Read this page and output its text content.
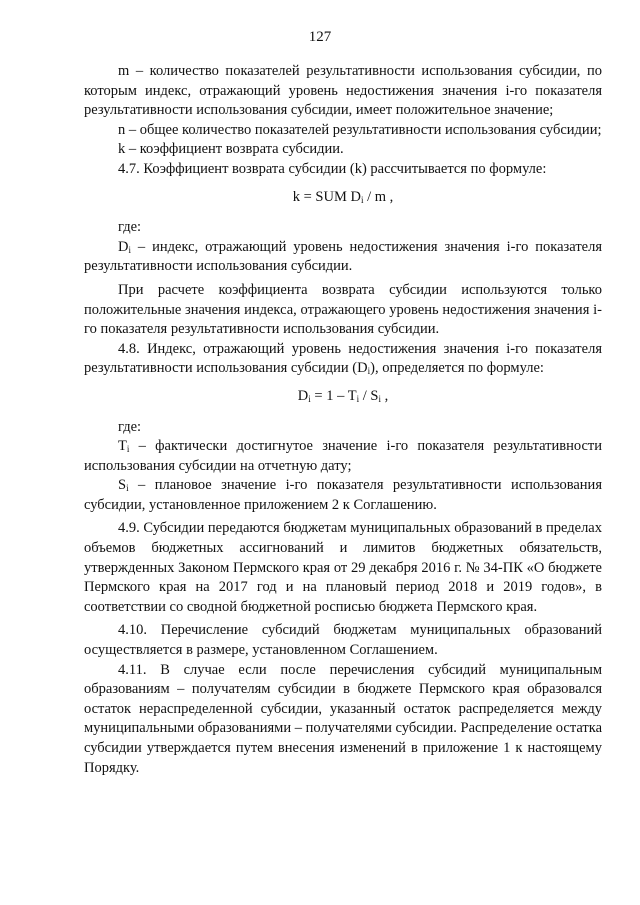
127

m – количество показателей результативности использования субсидии, по которым индекс, отражающий уровень недостижения значения i-го показателя результативности использования субсидии, имеет положительное значение;

n – общее количество показателей результативности использования субсидии;

k – коэффициент возврата субсидии.

4.7. Коэффициент возврата субсидии (k) рассчитывается по формуле:

k = SUM $D_i$ / m ,

где:

$D_i$ – индекс, отражающий уровень недостижения значения i-го показателя результативности использования субсидии.

При расчете коэффициента возврата субсидии используются только положительные значения индекса, отражающего уровень недостижения значения i-го показателя результативности использования субсидии.

4.8. Индекс, отражающий уровень недостижения значения i-го показателя результативности использования субсидии $(D_i)$, определяется по формуле:

$D_i = 1 - T_i / S_i$ ,

где:

$T_i$ – фактически достигнутое значение i-го показателя результативности использования субсидии на отчетную дату;

$S_i$ – плановое значение i-го показателя результативности использования субсидии, установленное приложением 2 к Соглашению.

4.9. Субсидии передаются бюджетам муниципальных образований в пределах объемов бюджетных ассигнований и лимитов бюджетных обязательств, утвержденных Законом Пермского края от 29 декабря 2016 г. № 34-ПК «О бюджете Пермского края на 2017 год и на плановый период 2018 и 2019 годов», в соответствии со сводной бюджетной росписью бюджета Пермского края.

4.10. Перечисление субсидий бюджетам муниципальных образований осуществляется в размере, установленном Соглашением.

4.11. В случае если после перечисления субсидий муниципальным образованиям – получателям субсидии в бюджете Пермского края образовался остаток нераспределенной субсидии, указанный остаток распределяется между муниципальными образованиями – получателями субсидии. Распределение остатка субсидии утверждается путем внесения изменений в приложение 1 к настоящему Порядку.
